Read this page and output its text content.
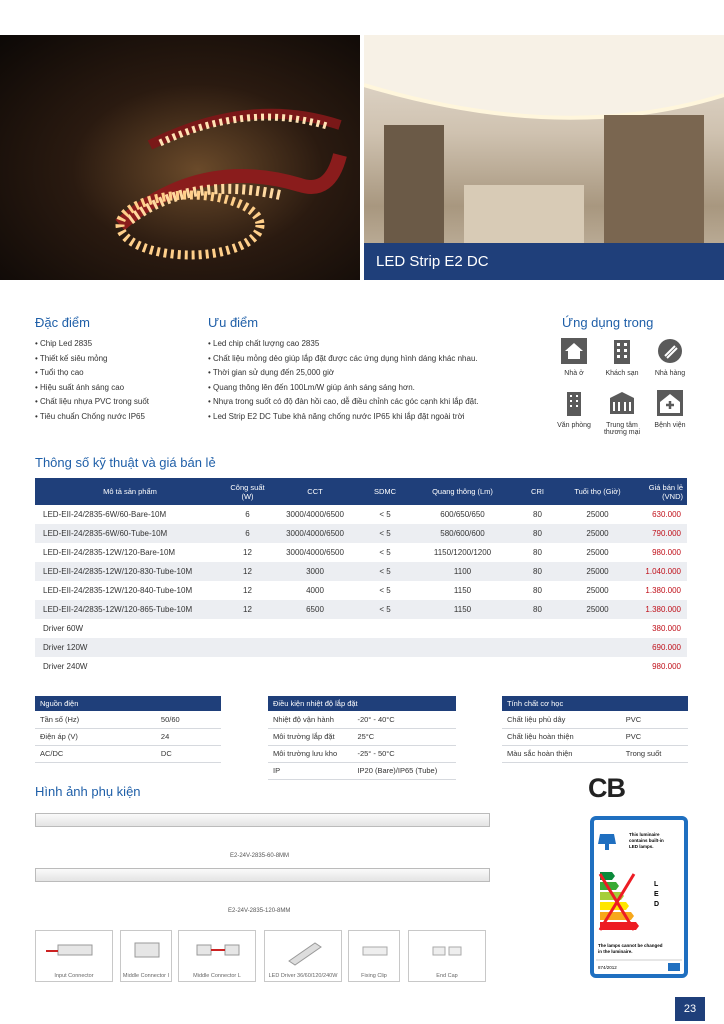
LED Strip E2 DC
Đặc điểm
• Chip Led 2835
• Thiết kế siêu mỏng
• Tuổi thọ cao
• Hiệu suất ánh sáng cao
• Chất liệu nhựa PVC trong suốt
• Tiêu chuẩn Chống nước IP65
Ưu điểm
• Led chip chất lượng cao 2835
• Chất liệu mỏng dẻo giúp lắp đặt được các ứng dụng hình dáng khác nhau.
• Thời gian sử dụng đến 25,000 giờ
• Quang thông lên đến 100Lm/W giúp ánh sáng sáng hơn.
• Nhựa trong suốt có độ đàn hồi cao, dễ điều chỉnh các góc cạnh khi lắp đặt.
• Led Strip E2 DC Tube khả năng chống nước IP65 khi lắp đặt ngoài trời
Ứng dụng trong
Nhà ở	Khách sạn	Nhà hàng
Văn phòng	Trung tâm thương mại
Bệnh viện
Thông số kỹ thuật và giá bán lẻ
Mô tả sản phẩm	Công suất (W)	CCT	SDMC	Quang thông (Lm)	CRI	Tuổi thọ (Giờ)	Giá bán lẻ (VND)
LED-EII-24/2835-6W/60-Bare-10M	6	3000/4000/6500	< 5	600/650/650	80	25000	630.000
LED-EII-24/2835-6W/60-Tube-10M	6	3000/4000/6500	< 5	580/600/600	80	25000	790.000
LED-EII-24/2835-12W/120-Bare-10M	12	3000/4000/6500	< 5	1150/1200/1200	80	25000	980.000
LED-EII-24/2835-12W/120-830-Tube-10M	12	3000	< 5	1100	80	25000	1.040.000
LED-EII-24/2835-12W/120-840-Tube-10M	12	4000	< 5	1150	80	25000	1.380.000
LED-EII-24/2835-12W/120-865-Tube-10M	12	6500	< 5	1150	80	25000	1.380.000
Driver 60W							380.000
Driver 120W							690.000
Driver 240W							980.000
Nguồn điện	
Tần số (Hz)	50/60
Điện áp (V)	24
AC/DC	DC
Điều kiện nhiệt độ lắp đặt	
Nhiệt độ vận hành	-20° - 40°C
Môi trường lắp đặt	25°C
Môi trường lưu kho	-25° - 50°C
IP	IP20 (Bare)/IP65 (Tube)
Tính chất cơ học	
Chất liệu phủ dây	PVC
Chất liệu hoàn thiện	PVC
Màu sắc hoàn thiện	Trong suốt
Hình ảnh phụ kiện
E2-24V-2835-60-8MM
E2-24V-2835-120-8MM
Input Connector	Middle Connector I	Middle Connector L	LED Driver 36/60/120/240W	Fixing Clip	End Cap
CB
This luminaire
contains built-in
LED lamps.
L
E
D
The lamps cannot be changed
in the luminaire.
874/2012
23
